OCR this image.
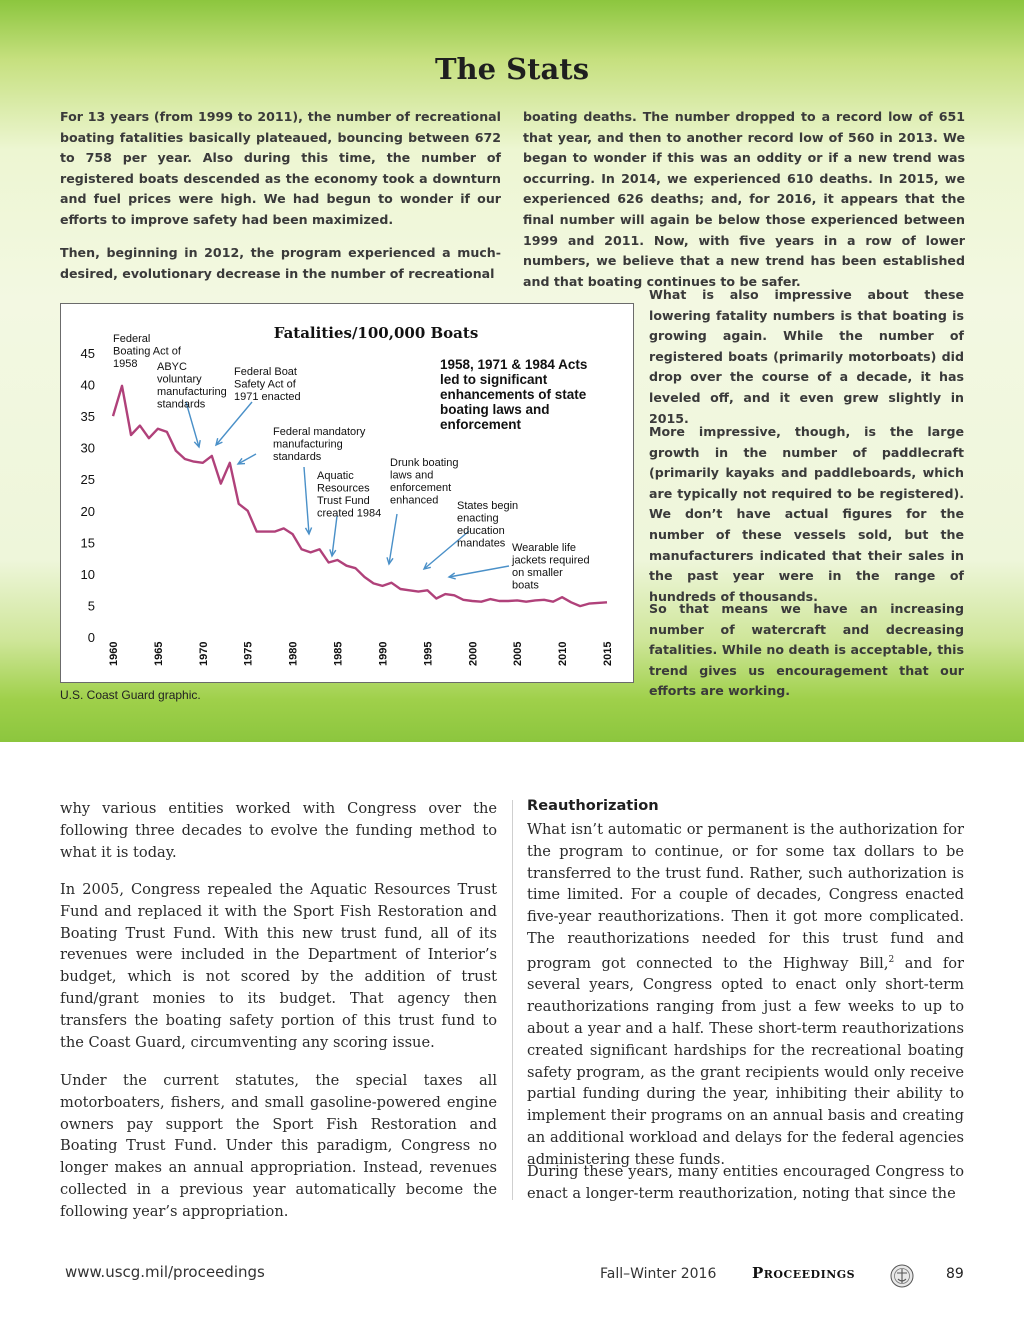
The Stats

For 13 years (from 1999 to 2011), the number of recreational boating fatalities basically plateaued, bouncing between 672 to 758 per year. Also during this time, the number of registered boats descended as the economy took a downturn and fuel prices were high. We had begun to wonder if our efforts to improve safety had been maximized.

Then, beginning in 2012, the program experienced a much-desired, evolutionary decrease in the number of recreational

boating deaths. The number dropped to a record low of 651 that year, and then to another record low of 560 in 2013. We began to wonder if this was an oddity or if a new trend was occurring. In 2014, we experienced 610 deaths. In 2015, we experienced 626 deaths; and, for 2016, it appears that the final number will again be below those experienced between 1999 and 2011. Now, with five years in a row of lower numbers, we believe that a new trend has been established and that boating continues to be safer.

What is also impressive about these lowering fatality numbers is that boating is growing again. While the number of registered boats (primarily motorboats) did drop over the course of a decade, it has leveled off, and it even grew slightly in 2015.

More impressive, though, is the large growth in the number of paddlecraft (primarily kayaks and paddleboards, which are typically not required to be registered). We don’t have actual figures for the number of these vessels sold, but the manufacturers indicated that their sales in the past year were in the range of hundreds of thousands.

So that means we have an increasing number of watercraft and decreasing fatalities. While no death is acceptable, this trend gives us encouragement that our efforts are working.

Fatalities/100,000 Boats
0
5
10
15
20
25
30
35
40
45
1960	1965	1970	1975	1980	1985	1990	1995	2000	2005	2010	2015
Federal Boating Act of 1958	ABYC voluntary manufacturing standards
Federal Boat Safety Act of 1971 enacted
Federal mandatory manufacturing standards
Aquatic Resources Trust Fund created 1984
Drunk boating laws and enforcement enhanced	States begin enacting education mandates Wearable life jackets required on smaller boats
1958, 1971 & 1984 Acts led to significant enhancements of state boating laws and enforcement

U.S. Coast Guard graphic.

why various entities worked with Congress over the following three decades to evolve the funding method to what it is today.

In 2005, Congress repealed the Aquatic Resources Trust Fund and replaced it with the Sport Fish Restoration and Boating Trust Fund. With this new trust fund, all of its revenues were included in the Department of Interior’s budget, which is not scored by the addition of trust fund/grant monies to its budget. That agency then transfers the boating safety portion of this trust fund to the Coast Guard, circumventing any scoring issue.

Under the current statutes, the special taxes all motorboaters, fishers, and small gasoline-powered engine owners pay support the Sport Fish Restoration and Boating Trust Fund. Under this paradigm, Congress no longer makes an annual appropriation. Instead, revenues collected in a previous year automatically become the following year’s appropriation.

Reauthorization

What isn’t automatic or permanent is the authorization for the program to continue, or for some tax dollars to be transferred to the trust fund. Rather, such authorization is time limited. For a couple of decades, Congress enacted five-year reauthorizations. Then it got more complicated. The reauthorizations needed for this trust fund and program got connected to the Highway Bill,$^2$ and for several years, Congress opted to enact only short-term reauthorizations ranging from just a few weeks to up to about a year and a half. These short-term reauthorizations created significant hardships for the recreational boating safety program, as the grant recipients would only receive partial funding during the year, inhibiting their ability to implement their programs on an annual basis and creating an additional workload and delays for the federal agencies administering these funds.

During these years, many entities encouraged Congress to enact a longer-term reauthorization, noting that since the

www.uscg.mil/proceedings	Fall–Winter 2016 Proceedings	89
